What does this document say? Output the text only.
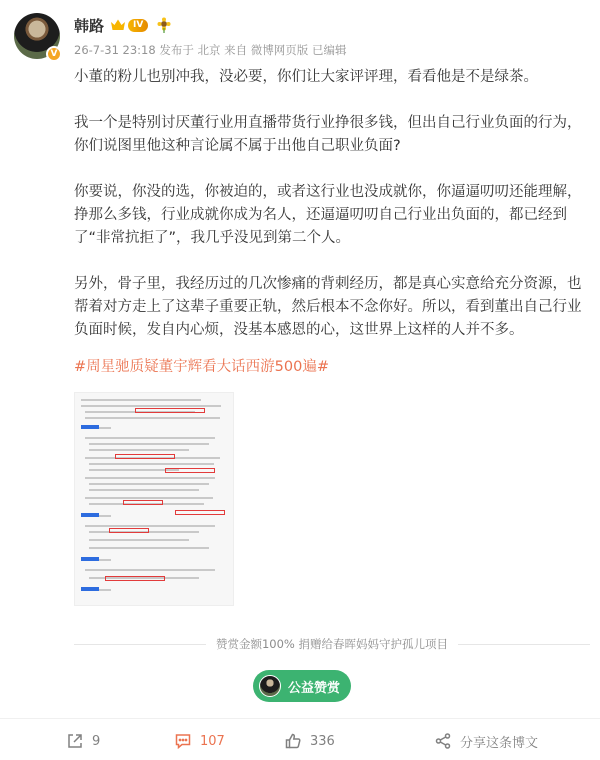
V
韩路	IV
26-7-31 23:18 发布于 北京 来自 微博网页版 已编辑

小董的粉儿也别冲我，没必要，你们让大家评评理，看看他是不是绿茶。

我一个是特别讨厌董行业用直播带货行业挣很多钱，但出自己行业负面的行为，你们说图里他这种言论属不属于出他自己职业负面?

你要说，你没的选，你被迫的，或者这行业也没成就你，你逼逼叨叨还能理解，挣那么多钱，行业成就你成为名人，还逼逼叨叨自己行业出负面的，都已经到了“非常抗拒了”，我几乎没见到第二个人。

另外，骨子里，我经历过的几次惨痛的背刺经历，都是真心实意给充分资源，也帮着对方走上了这辈子重要正轨，然后根本不念你好。所以，看到董出自己行业负面时候，发自内心烦，没基本感恩的心，这世界上这样的人并不多。

#周星驰质疑董宇辉看大话西游500遍#

赞赏金额100% 捐赠给春晖妈妈守护孤儿项目
公益赞赏
9	107	336	分享这条博文
